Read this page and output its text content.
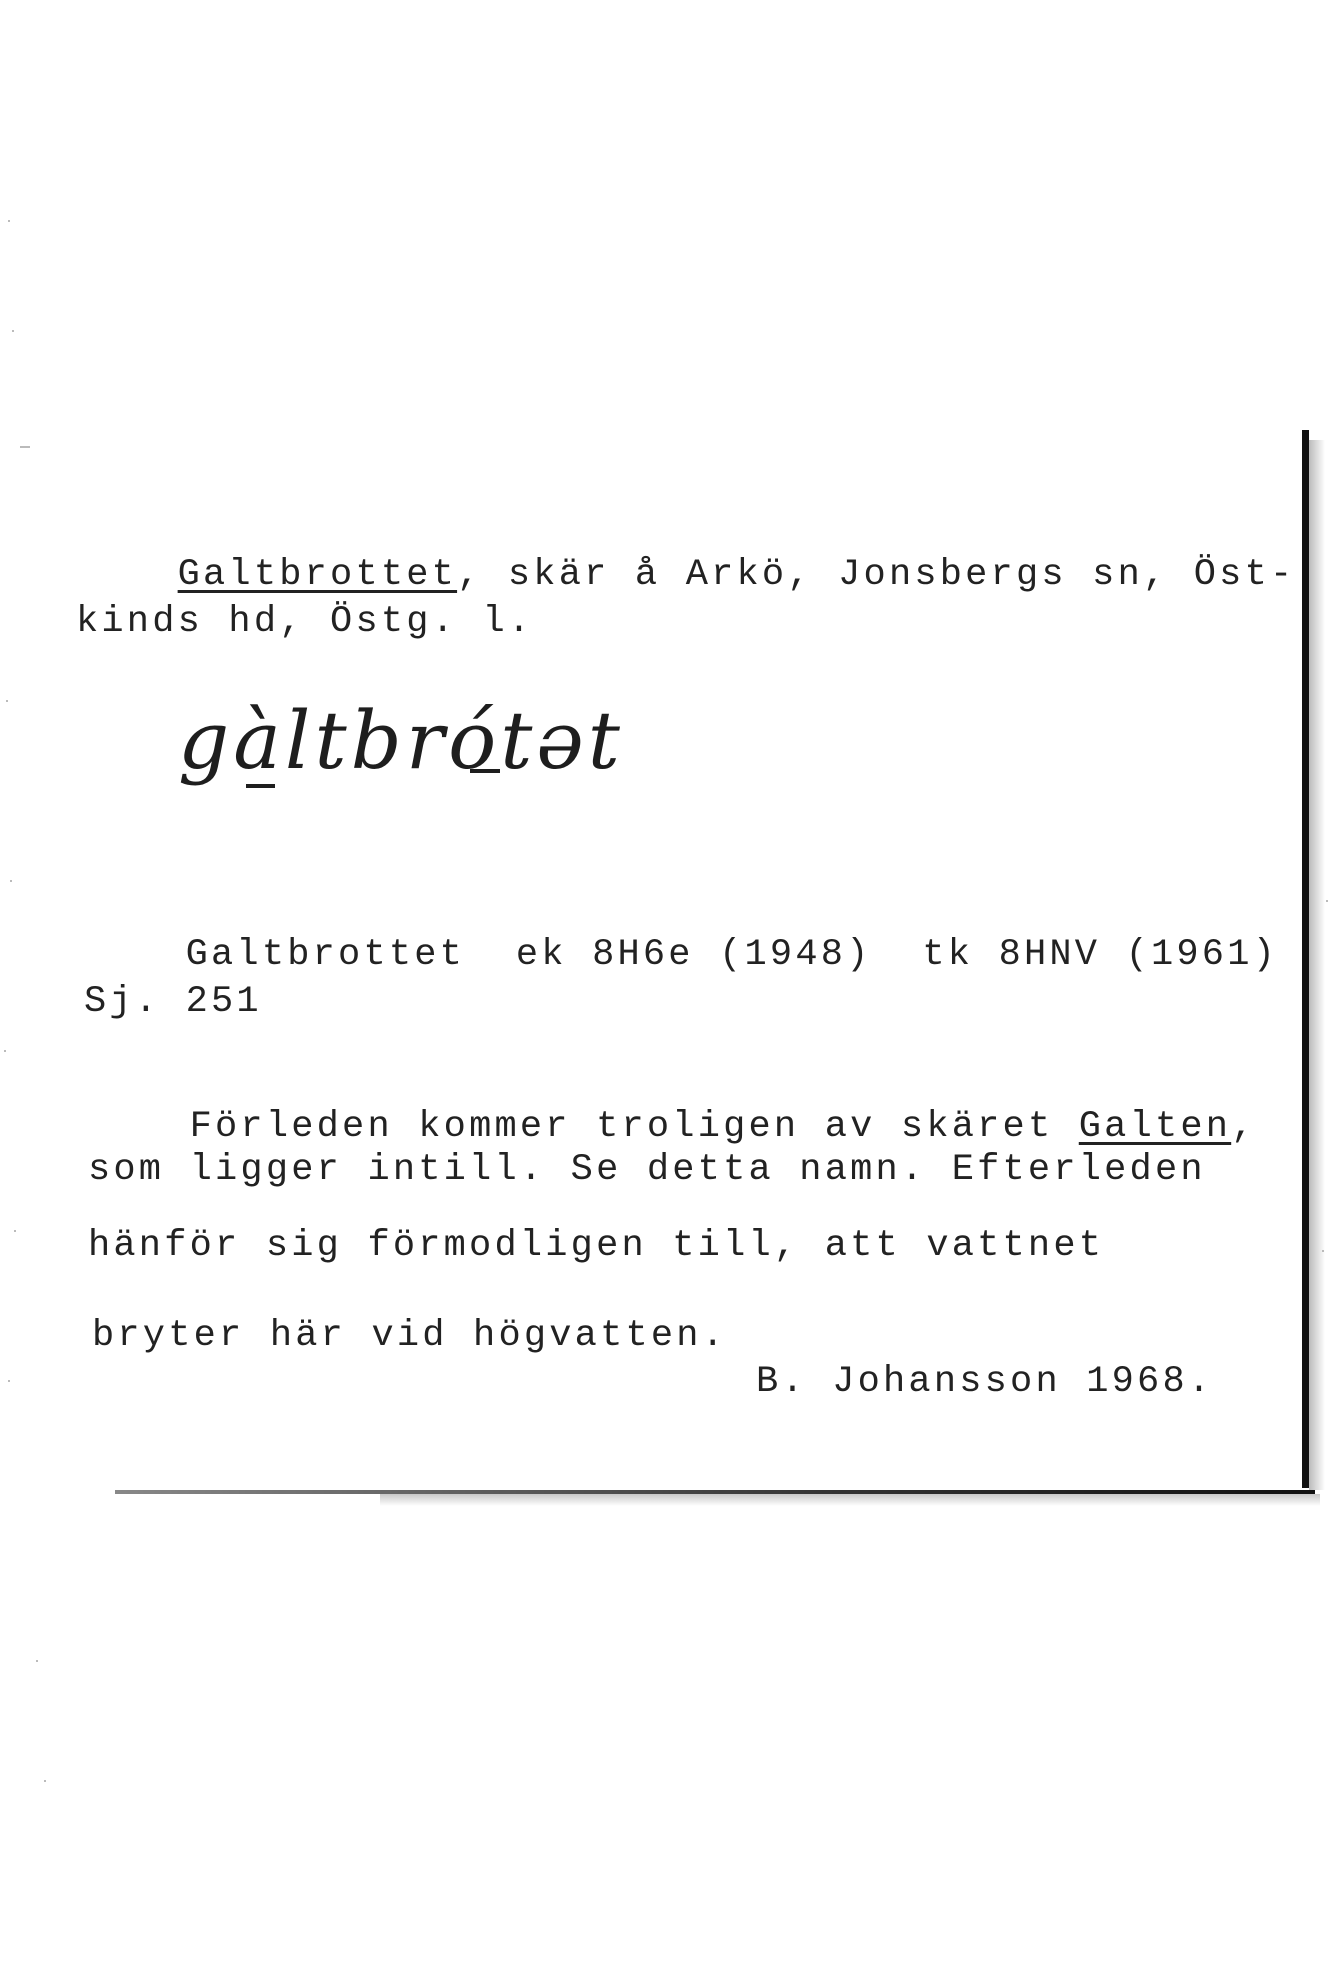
Galtbrottet, skär å Arkö, Jonsbergs sn, Öst-

kinds hd, Östg. l.
gàltbrótət

Galtbrottet ek 8H6e (1948) tk 8HNV (1961)

Sj. 251

Förleden kommer troligen av skäret Galten,

som ligger intill. Se detta namn. Efterleden
hänför sig förmodligen till, att vattnet
bryter här vid högvatten.
B. Johansson 1968.
